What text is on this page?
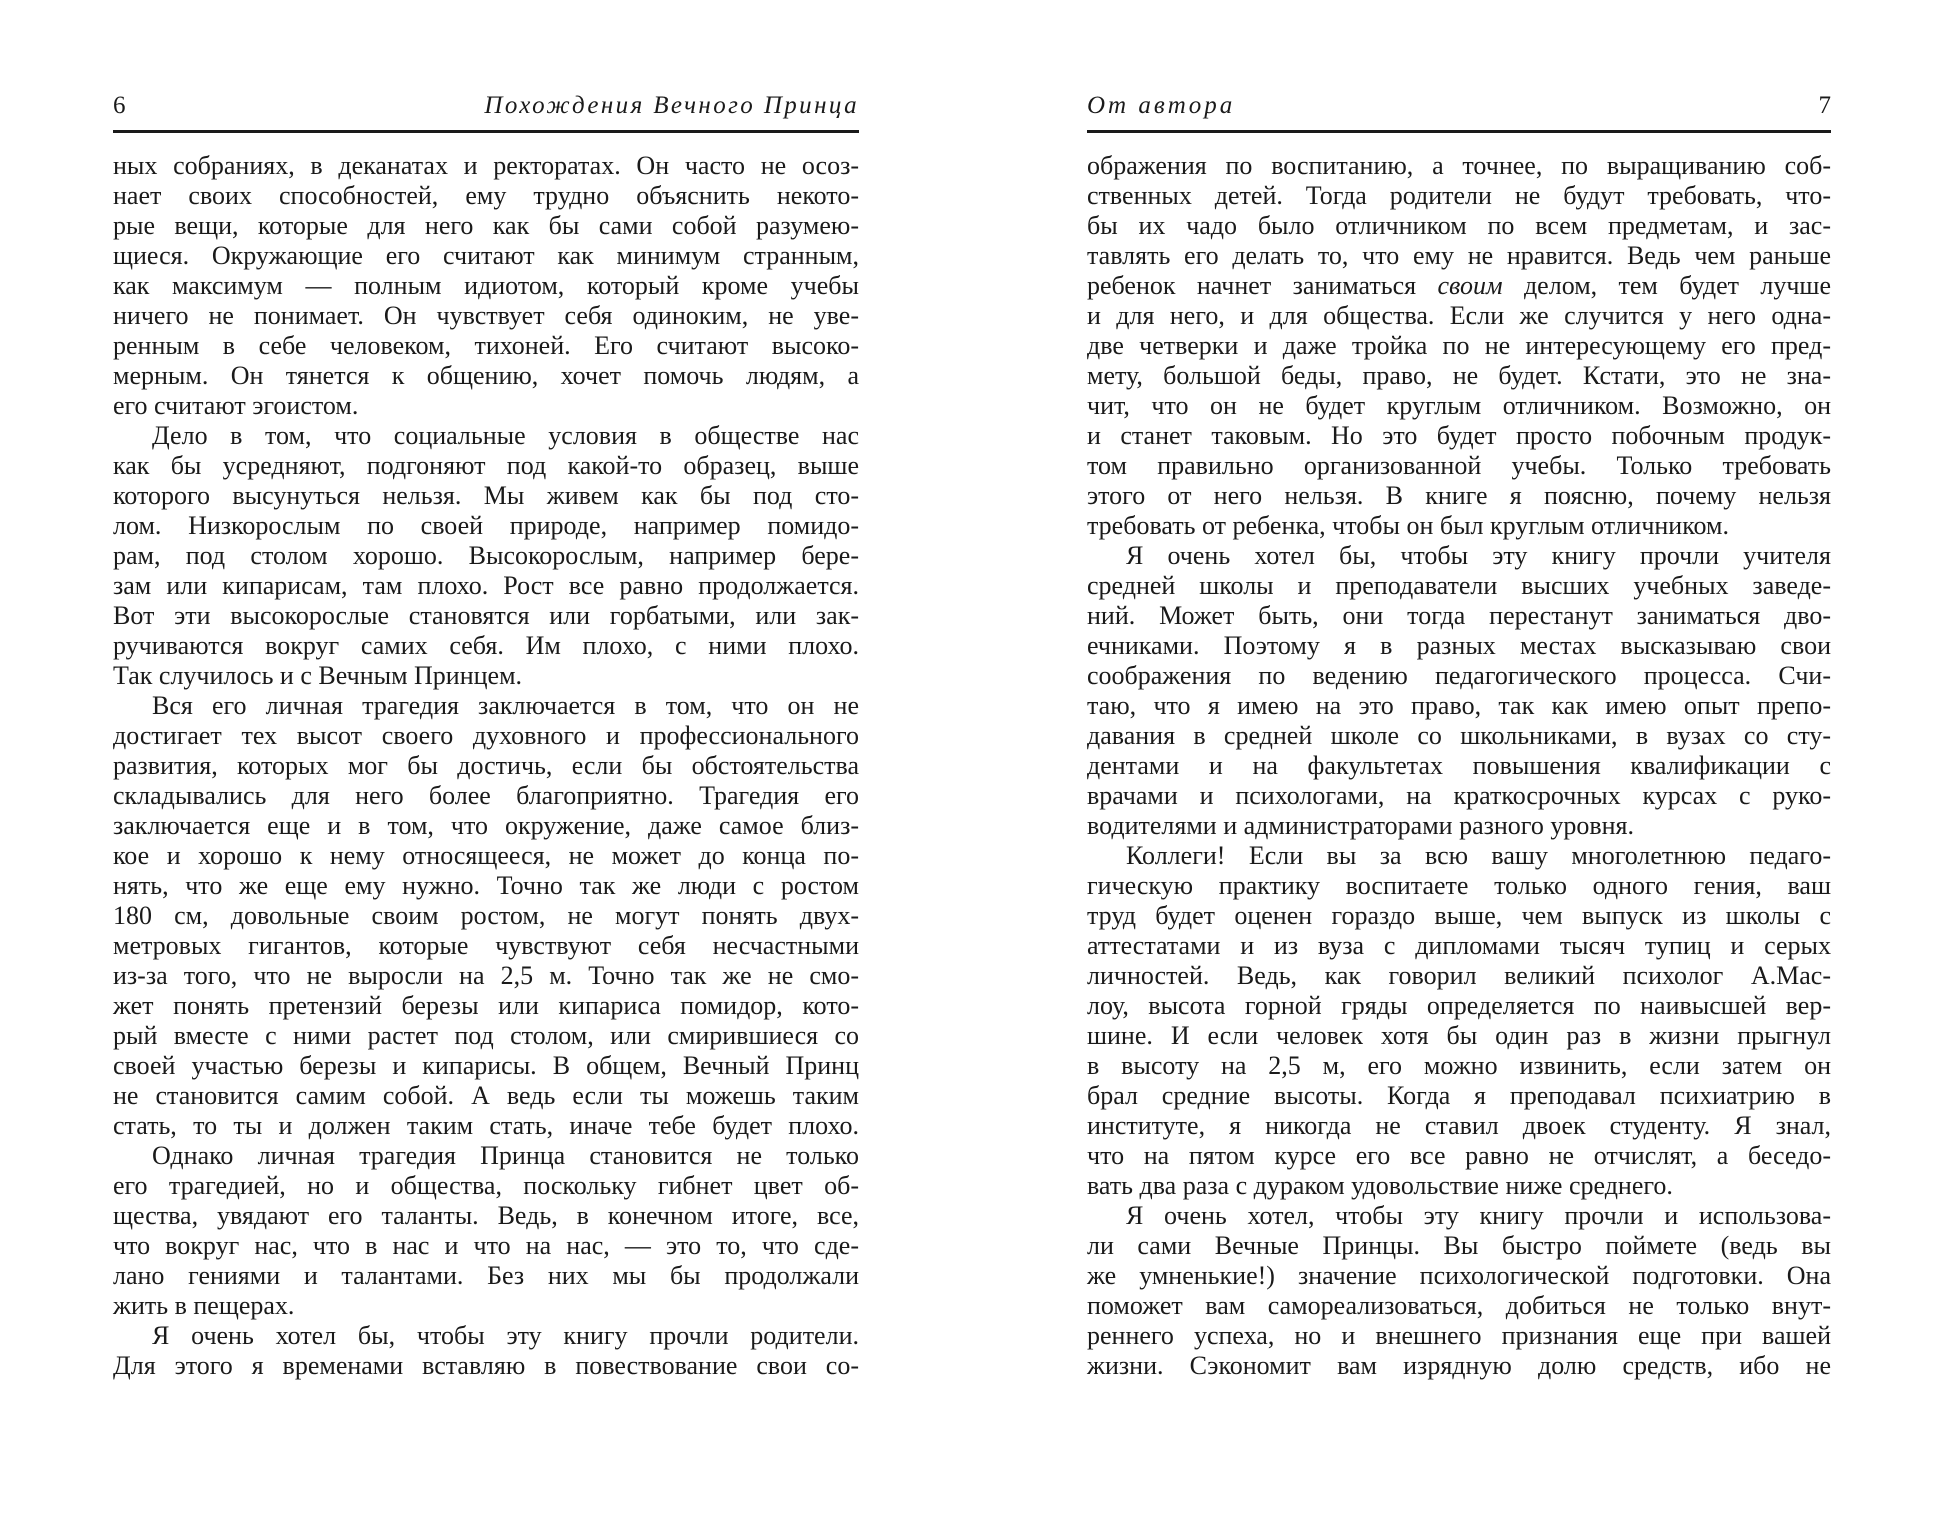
6	Похождения Вечного Принца
ных собраниях, в деканатах и ректоратах. Он часто не осоз-
нает своих способностей, ему трудно объяснить некото-
рые вещи, которые для него как бы сами собой разумею-
щиеся. Окружающие его считают как минимум странным,
как максимум — полным идиотом, который кроме учебы
ничего не понимает. Он чувствует себя одиноким, не уве-
ренным в себе человеком, тихоней. Его считают высоко-
мерным. Он тянется к общению, хочет помочь людям, а
его считают эгоистом.
Дело в том, что социальные условия в обществе нас
как бы усредняют, подгоняют под какой-то образец, выше
которого высунуться нельзя. Мы живем как бы под сто-
лом. Низкорослым по своей природе, например помидо-
рам, под столом хорошо. Высокорослым, например бере-
зам или кипарисам, там плохо. Рост все равно продолжается.
Вот эти высокорослые становятся или горбатыми, или зак-
ручиваются вокруг самих себя. Им плохо, с ними плохо.
Так случилось и с Вечным Принцем.
Вся его личная трагедия заключается в том, что он не
достигает тех высот своего духовного и профессионального
развития, которых мог бы достичь, если бы обстоятельства
складывались для него более благоприятно. Трагедия его
заключается еще и в том, что окружение, даже самое близ-
кое и хорошо к нему относящееся, не может до конца по-
нять, что же еще ему нужно. Точно так же люди с ростом
180 см, довольные своим ростом, не могут понять двух-
метровых гигантов, которые чувствуют себя несчастными
из-за того, что не выросли на 2,5 м. Точно так же не смо-
жет понять претензий березы или кипариса помидор, кото-
рый вместе с ними растет под столом, или смирившиеся со
своей участью березы и кипарисы. В общем, Вечный Принц
не становится самим собой. А ведь если ты можешь таким
стать, то ты и должен таким стать, иначе тебе будет плохо.
Однако личная трагедия Принца становится не только
его трагедией, но и общества, поскольку гибнет цвет об-
щества, увядают его таланты. Ведь, в конечном итоге, все,
что вокруг нас, что в нас и что на нас, — это то, что сде-
лано гениями и талантами. Без них мы бы продолжали
жить в пещерах.
Я очень хотел бы, чтобы эту книгу прочли родители.
Для этого я временами вставляю в повествование свои со-
От автора	7
ображения по воспитанию, а точнее, по выращиванию соб-
ственных детей. Тогда родители не будут требовать, что-
бы их чадо было отличником по всем предметам, и зас-
тавлять его делать то, что ему не нравится. Ведь чем раньше
ребенок начнет заниматься своим делом, тем будет лучше
и для него, и для общества. Если же случится у него одна-
две четверки и даже тройка по не интересующему его пред-
мету, большой беды, право, не будет. Кстати, это не зна-
чит, что он не будет круглым отличником. Возможно, он
и станет таковым. Но это будет просто побочным продук-
том правильно организованной учебы. Только требовать
этого от него нельзя. В книге я поясню, почему нельзя
требовать от ребенка, чтобы он был круглым отличником.
Я очень хотел бы, чтобы эту книгу прочли учителя
средней школы и преподаватели высших учебных заведе-
ний. Может быть, они тогда перестанут заниматься дво-
ечниками. Поэтому я в разных местах высказываю свои
соображения по ведению педагогического процесса. Счи-
таю, что я имею на это право, так как имею опыт препо-
давания в средней школе со школьниками, в вузах со сту-
дентами и на факультетах повышения квалификации с
врачами и психологами, на краткосрочных курсах с руко-
водителями и администраторами разного уровня.
Коллеги! Если вы за всю вашу многолетнюю педаго-
гическую практику воспитаете только одного гения, ваш
труд будет оценен гораздо выше, чем выпуск из школы с
аттестатами и из вуза с дипломами тысяч тупиц и серых
личностей. Ведь, как говорил великий психолог А.Мас-
лоу, высота горной гряды определяется по наивысшей вер-
шине. И если человек хотя бы один раз в жизни прыгнул
в высоту на 2,5 м, его можно извинить, если затем он
брал средние высоты. Когда я преподавал психиатрию в
институте, я никогда не ставил двоек студенту. Я знал,
что на пятом курсе его все равно не отчислят, а беседо-
вать два раза с дураком удовольствие ниже среднего.
Я очень хотел, чтобы эту книгу прочли и использова-
ли сами Вечные Принцы. Вы быстро поймете (ведь вы
же умненькие!) значение психологической подготовки. Она
поможет вам самореализоваться, добиться не только внут-
реннего успеха, но и внешнего признания еще при вашей
жизни. Сэкономит вам изрядную долю средств, ибо не
